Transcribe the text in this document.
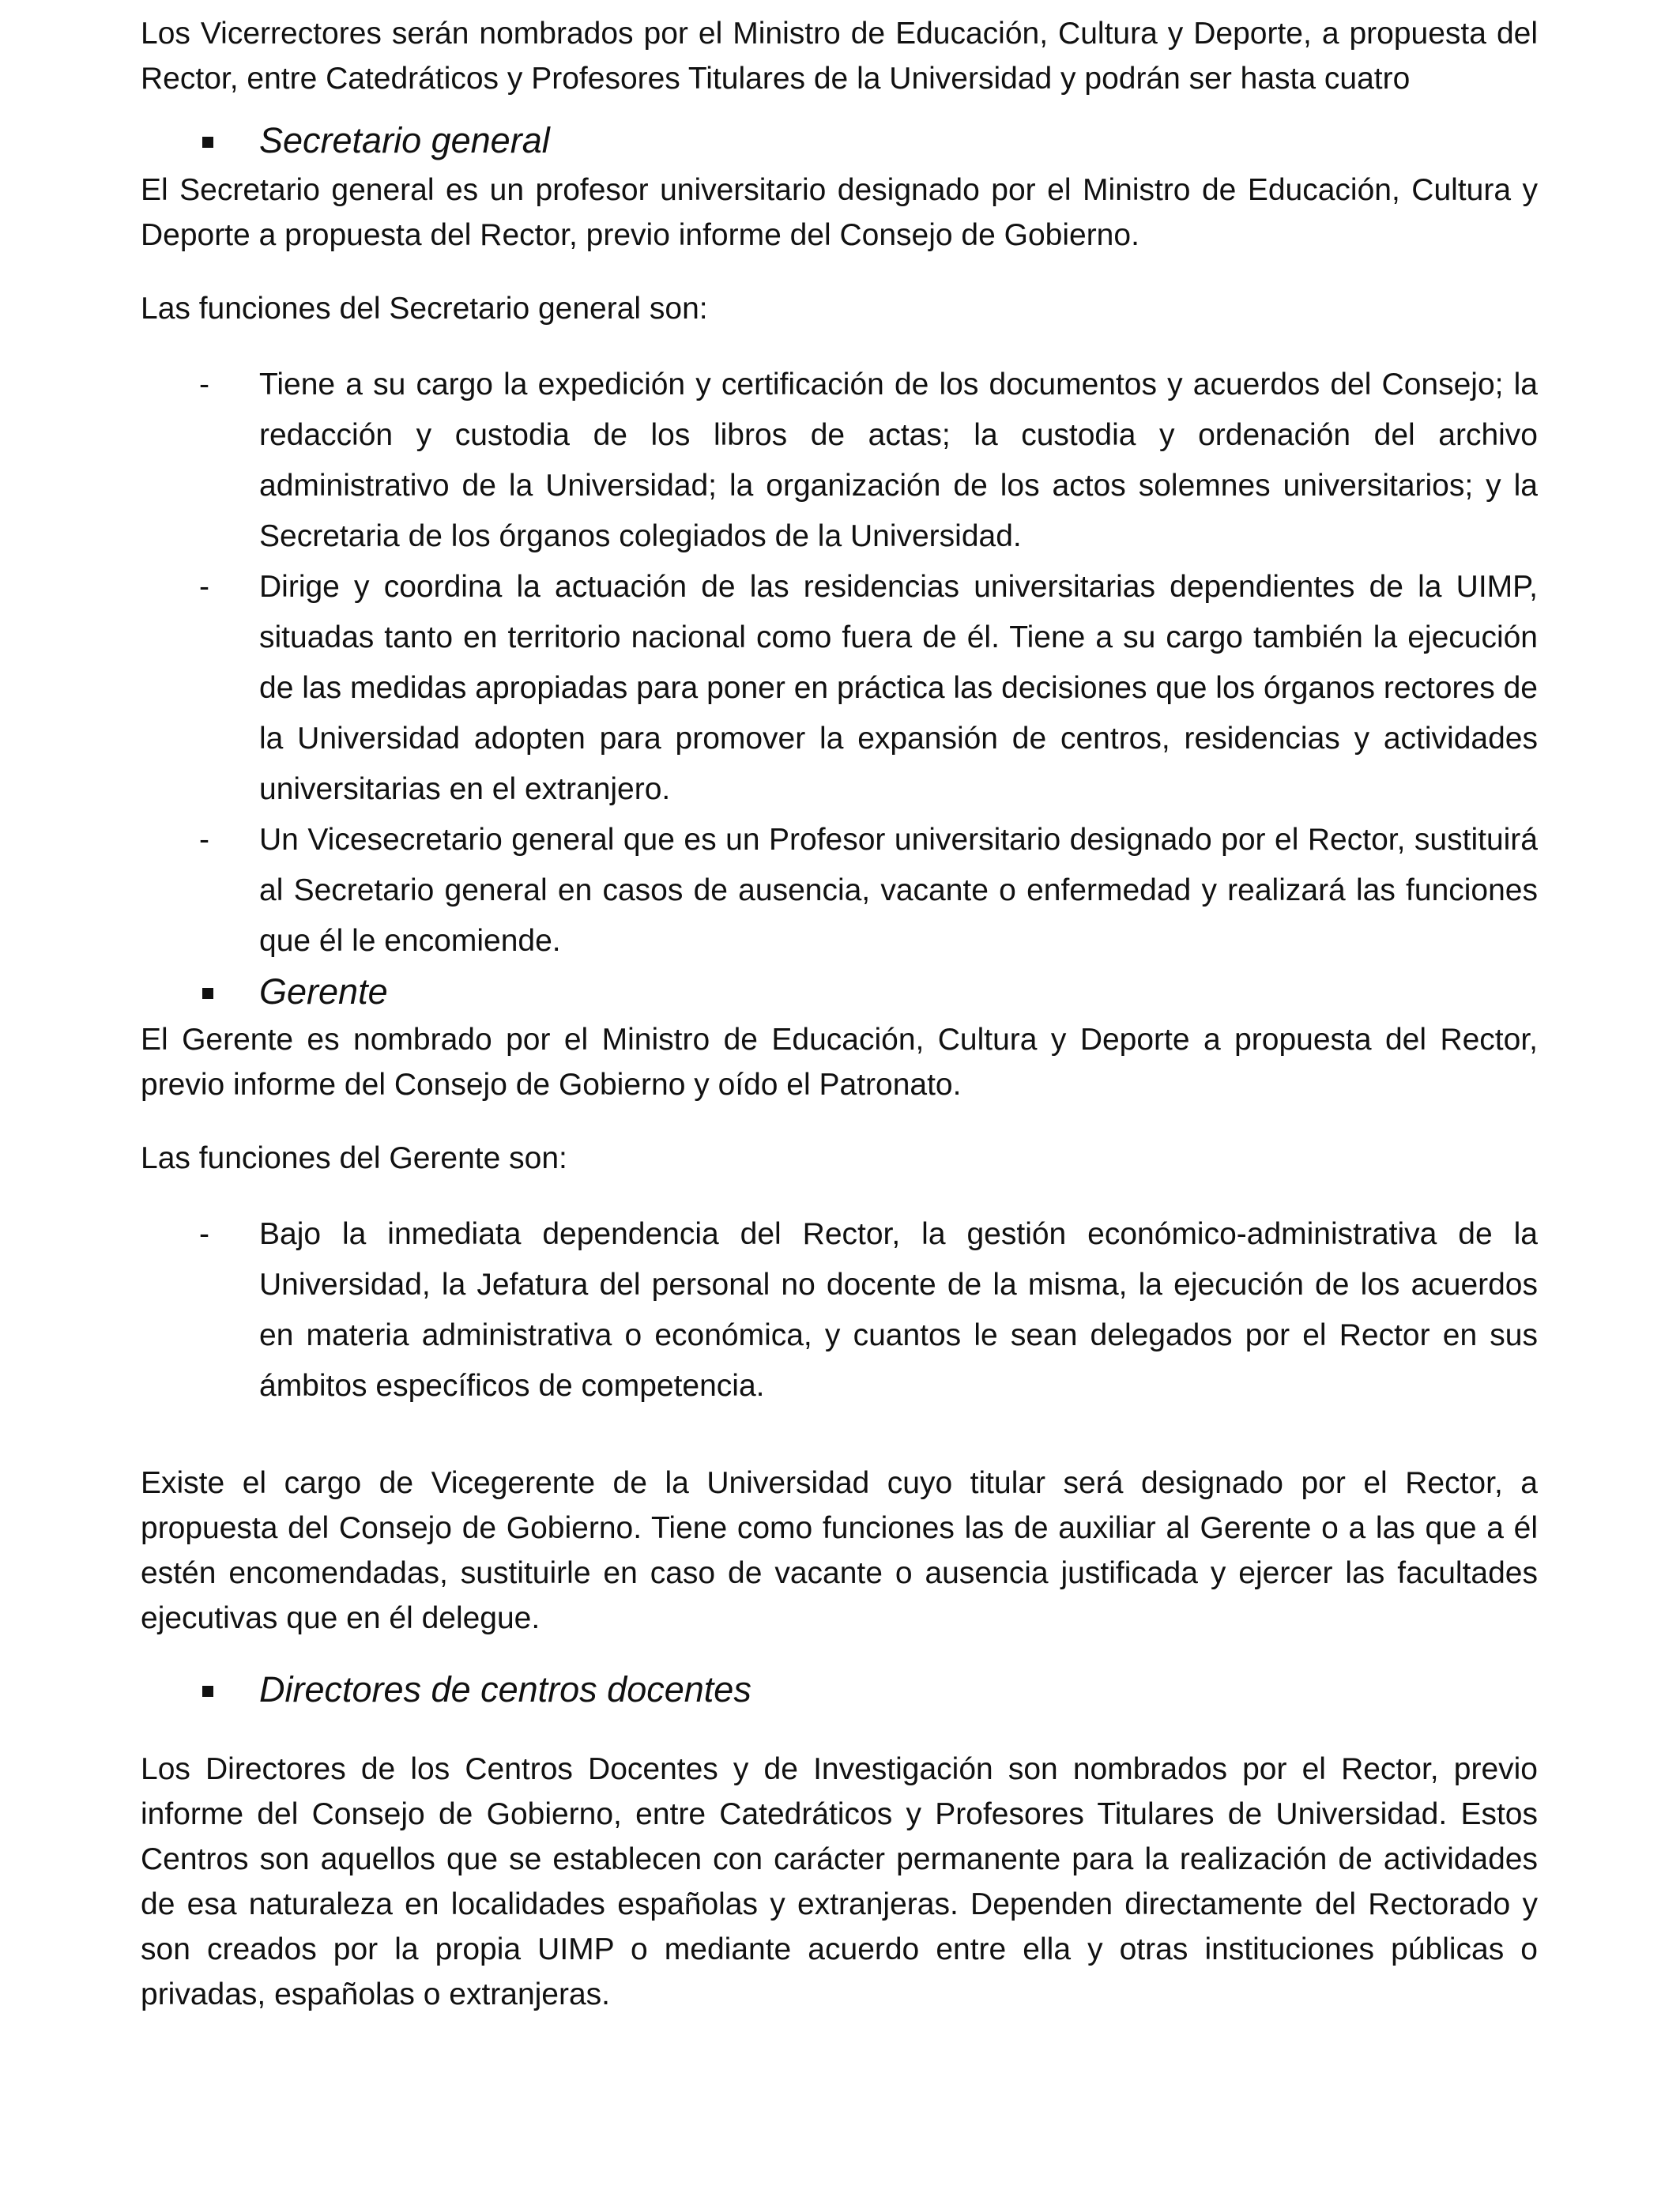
Los Vicerrectores serán nombrados por el Ministro de Educación, Cultura y Deporte, a propuesta del Rector, entre Catedráticos y Profesores Titulares de la Universidad y podrán ser hasta cuatro

Secretario general

El Secretario general es un profesor universitario designado por el Ministro de Educación, Cultura y Deporte a propuesta del Rector, previo informe del Consejo de Gobierno.

Las funciones del Secretario general son:

- Tiene a su cargo la expedición y certificación de los documentos y acuerdos del Consejo; la redacción y custodia de los libros de actas; la custodia y ordenación del archivo administrativo de la Universidad; la organización de los actos solemnes universitarios; y la Secretaria de los órganos colegiados de la Universidad.
- Dirige y coordina la actuación de las residencias universitarias dependientes de la UIMP, situadas tanto en territorio nacional como fuera de él. Tiene a su cargo también la ejecución de las medidas apropiadas para poner en práctica las decisiones que los órganos rectores de la Universidad adopten para promover la expansión de centros, residencias y actividades universitarias en el extranjero.
- Un Vicesecretario general que es un Profesor universitario designado por el Rector, sustituirá al Secretario general en casos de ausencia, vacante o enfermedad y realizará las funciones que él le encomiende.
Gerente

El Gerente es nombrado por el Ministro de Educación, Cultura y Deporte a propuesta del Rector, previo informe del Consejo de Gobierno y oído el Patronato.

Las funciones del Gerente son:

- Bajo la inmediata dependencia del Rector, la gestión económico-administrativa de la Universidad, la Jefatura del personal no docente de la misma, la ejecución de los acuerdos en materia administrativa o económica, y cuantos le sean delegados por el Rector en sus ámbitos específicos de competencia.

Existe el cargo de Vicegerente de la Universidad cuyo titular será designado por el Rector, a propuesta del Consejo de Gobierno. Tiene como funciones las de auxiliar al Gerente o a las que a él estén encomendadas, sustituirle en caso de vacante o ausencia justificada y ejercer las facultades ejecutivas que en él delegue.

Directores de centros docentes

Los Directores de los Centros Docentes y de Investigación son nombrados por el Rector, previo informe del Consejo de Gobierno, entre Catedráticos y Profesores Titulares de Universidad. Estos Centros son aquellos que se establecen con carácter permanente para la realización de actividades de esa naturaleza en localidades españolas y extranjeras. Dependen directamente del Rectorado y son creados por la propia UIMP o mediante acuerdo entre ella y otras instituciones públicas o privadas, españolas o extranjeras.
